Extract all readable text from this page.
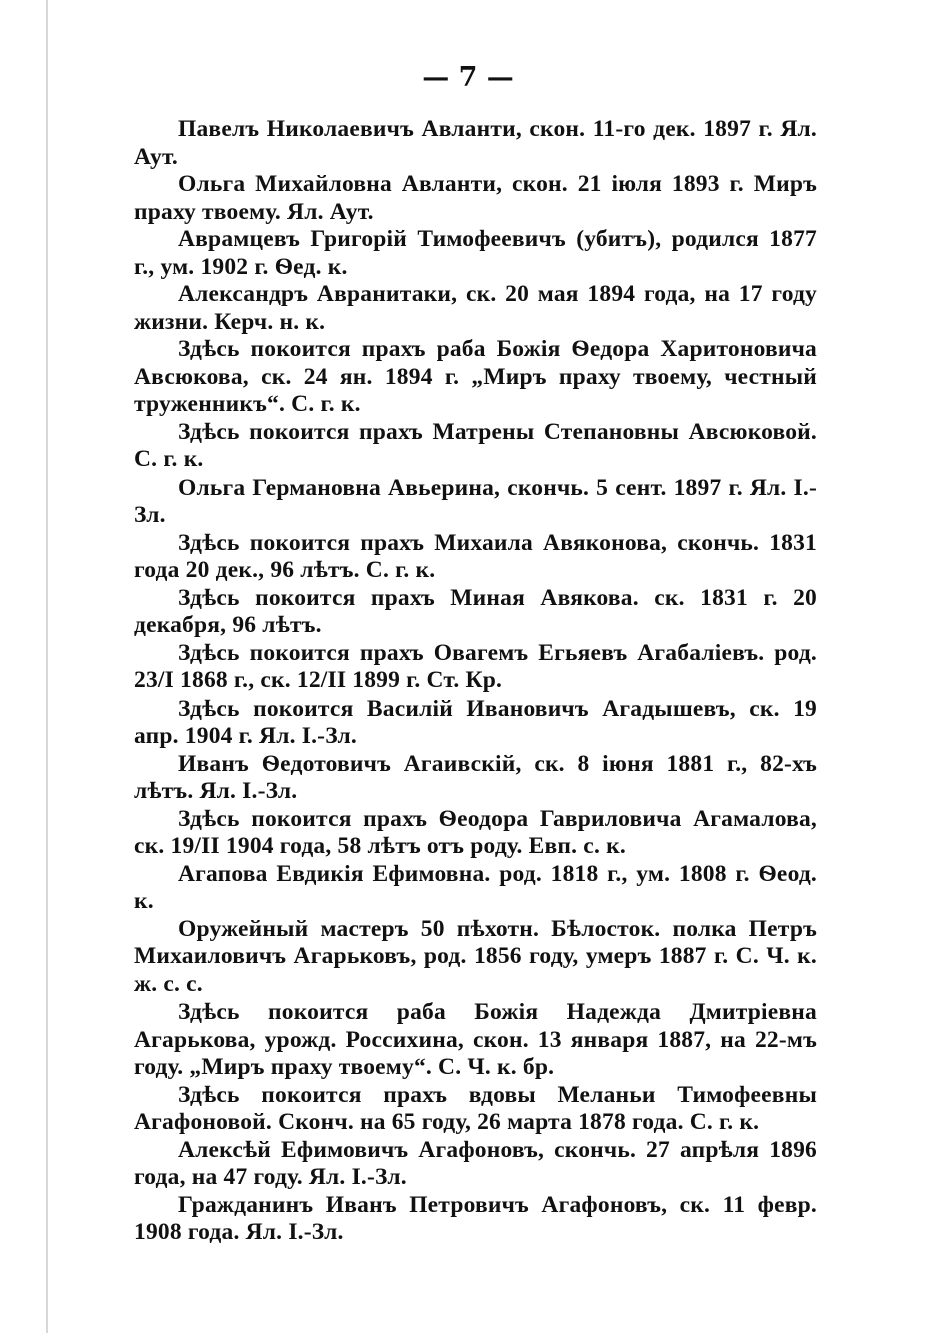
— 7 —

Павелъ Николаевичъ Авланти, скон. 11-го дек. 1897 г. Ял. Аут.

Ольга Михайловна Авланти, скон. 21 iюля 1893 г. Миръ праху твоему. Ял. Аут.

Аврамцевъ Григорiй Тимофеевичъ (убитъ), родился 1877 г., ум. 1902 г. Ѳед. к.

Александръ Авранитаки, ск. 20 мая 1894 года, на 17 году жизни. Керч. н. к.

Здѣсь покоится прахъ раба Божiя Ѳедора Харитоновича Авсюкова, ск. 24 ян. 1894 г. „Миръ праху твоему, честный труженникъ“. С. г. к.

Здѣсь покоится прахъ Матрены Степановны Авсюковой. С. г. к.

Ольга Германовна Авьерина, скончь. 5 сент. 1897 г. Ял. I.-Зл.

Здѣсь покоится прахъ Михаила Авяконова, скончь. 1831 года 20 дек., 96 лѣтъ. С. г. к.

Здѣсь покоится прахъ Миная Авякова. ск. 1831 г. 20 декабря, 96 лѣтъ.

Здѣсь покоится прахъ Овагемъ Егьяевъ Агабалiевъ. род. 23/I 1868 г., ск. 12/II 1899 г. Ст. Кр.

Здѣсь покоится Василiй Ивановичъ Агадышевъ, ск. 19 апр. 1904 г. Ял. I.-Зл.

Иванъ Ѳедотовичъ Агаивскiй, ск. 8 iюня 1881 г., 82-хъ лѣтъ. Ял. I.-Зл.

Здѣсь покоится прахъ Ѳеодора Гавриловича Агамалова, ск. 19/II 1904 года, 58 лѣтъ отъ роду. Евп. с. к.

Агапова Евдикiя Ефимовна. род. 1818 г., ум. 1808 г. Ѳеод. к.

Оружейный мастеръ 50 пѣхотн. Бѣлосток. полка Петръ Михаиловичъ Агарьковъ, род. 1856 году, умеръ 1887 г. С. Ч. к. ж. с. с.

Здѣсь покоится раба Божiя Надежда Дмитрiевна Агарькова, урожд. Россихина, скон. 13 января 1887, на 22-мъ году. „Миръ праху твоему“. С. Ч. к. бр.

Здѣсь покоится прахъ вдовы Меланьи Тимофеевны Агафоновой. Сконч. на 65 году, 26 марта 1878 года. С. г. к.

Алексѣй Ефимовичъ Агафоновъ, скончь. 27 апрѣля 1896 года, на 47 году. Ял. I.-Зл.

Гражданинъ Иванъ Петровичъ Агафоновъ, ск. 11 февр. 1908 года. Ял. I.-Зл.
